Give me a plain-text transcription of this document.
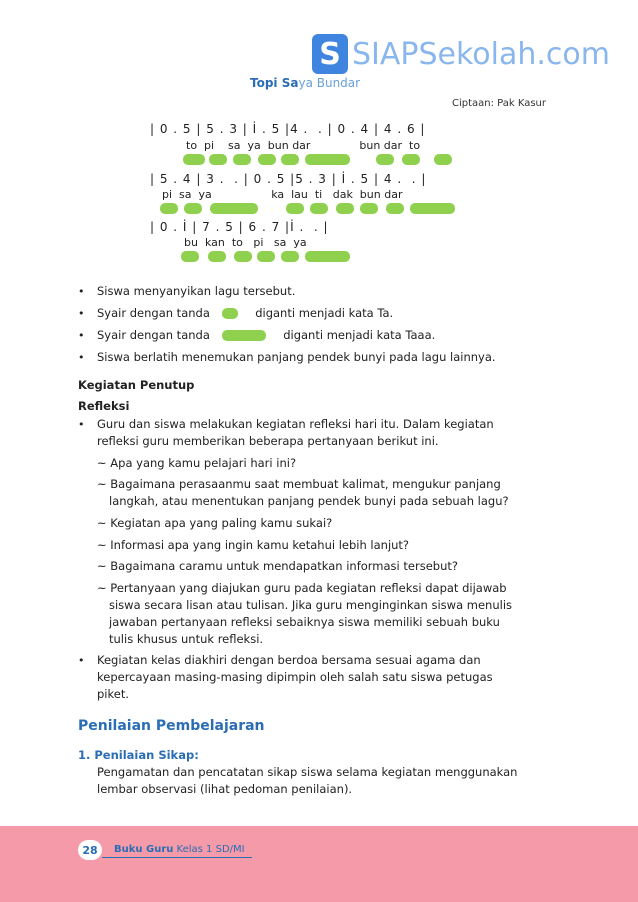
S SIAPSekolah.com
Topi Saya Bundar
Ciptaan: Pak Kasur
| 0 . 5 | 5 . 3 | İ . 5 |4 .  . | 0 . 4 | 4 . 6 |
to  pi    sa  ya  bun dar              bun dar  to
| 5 . 4 | 3 .  . | 0 . 5 |5 . 3 | İ . 5 | 4 .  . |
pi  sa  ya                 ka  lau  ti   dak  bun dar
| 0 . İ | 7 . 5 | 6 . 7 |İ .  . |
bu  kan  to   pi   sa  ya
• Siswa menyanyikan lagu tersebut.
• Syair dengan tanda	diganti menjadi kata Ta.
• Syair dengan tanda	diganti menjadi kata Taaa.
• Siswa berlatih menemukan panjang pendek bunyi pada lagu lainnya.
Kegiatan Penutup
Refleksi
• Guru dan siswa melakukan kegiatan refleksi hari itu. Dalam kegiatan
refleksi guru memberikan beberapa pertanyaan berikut ini.
~ Apa yang kamu pelajari hari ini?
~ Bagaimana perasaanmu saat membuat kalimat, mengukur panjang
langkah, atau menentukan panjang pendek bunyi pada sebuah lagu?
~ Kegiatan apa yang paling kamu sukai?
~ Informasi apa yang ingin kamu ketahui lebih lanjut?
~ Bagaimana caramu untuk mendapatkan informasi tersebut?
~ Pertanyaan yang diajukan guru pada kegiatan refleksi dapat dijawab
siswa secara lisan atau tulisan. Jika guru menginginkan siswa menulis
jawaban pertanyaan refleksi sebaiknya siswa memiliki sebuah buku
tulis khusus untuk refleksi.
• Kegiatan kelas diakhiri dengan berdoa bersama sesuai agama dan
kepercayaan masing-masing dipimpin oleh salah satu siswa petugas
piket.
Penilaian Pembelajaran
1. Penilaian Sikap:
Pengamatan dan pencatatan sikap siswa selama kegiatan menggunakan
lembar observasi (lihat pedoman penilaian).
28	Buku Guru Kelas 1 SD/MI
